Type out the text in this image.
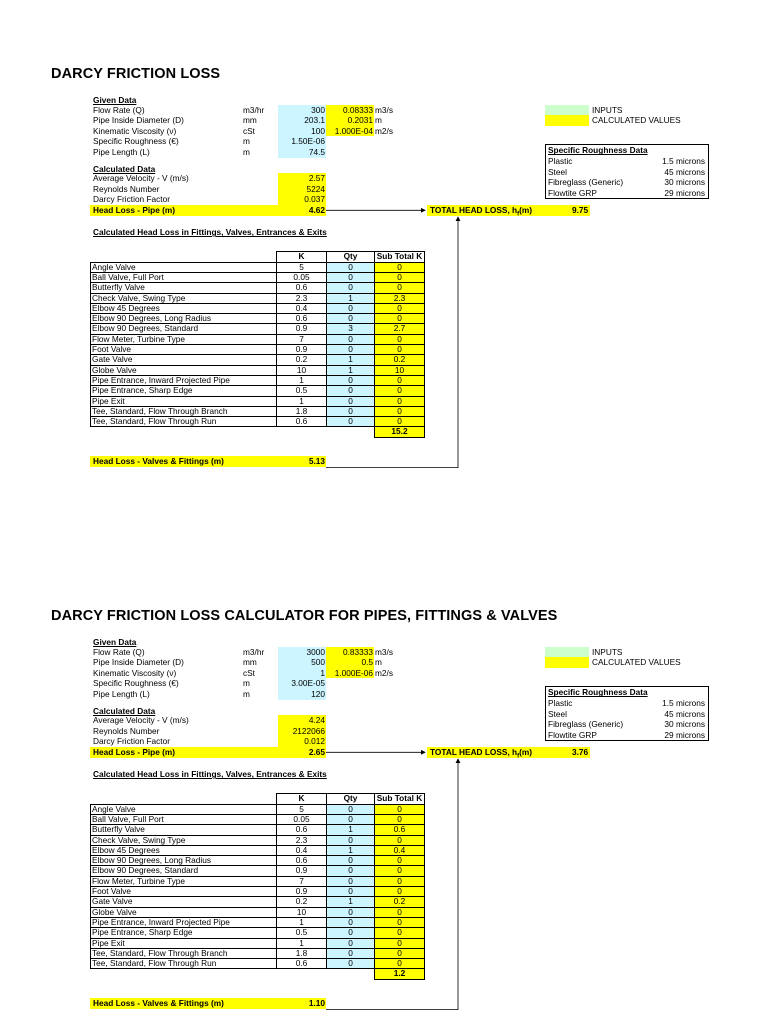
DARCY FRICTION LOSS
Given Data
Flow Rate (Q)	m3/hr	300	0.08333 m3/s
Pipe Inside Diameter (D)	mm	203.1	0.2031 m
Kinematic Viscosity (ν)	cSt	100	1.000E-04 m2/s
Specific Roughness (€)	m	1.50E-06
Pipe Length (L)	m	74.5
Calculated Data
Average Velocity - V (m/s)	2.57
Reynolds Number	5224
Darcy Friction Factor	0.037
Head Loss - Pipe (m)	4.62	TOTAL HEAD LOSS, $h_f(m)$	9.75
INPUTS
CALCULATED VALUES
Specific Roughness Data
Plastic	1.5 microns
Steel	45 microns
Fibreglass (Generic)	30 microns
Flowtite GRP	29 microns
Calculated Head Loss in Fittings, Valves, Entrances & Exits
	K	Qty	Sub Total K
Angle Valve	5	0	0
Ball Valve, Full Port	0.05	0	0
Butterfly Valve	0.6	0	0
Check Valve, Swing Type	2.3	1	2.3
Elbow 45 Degrees	0.4	0	0
Elbow 90 Degrees, Long Radius	0.6	0	0
Elbow 90 Degrees, Standard	0.9	3	2.7
Flow Meter, Turbine Type	7	0	0
Foot Valve	0.9	0	0
Gate Valve	0.2	1	0.2
Globe Valve	10	1	10
Pipe Entrance, Inward Projected Pipe	1	0	0
Pipe Entrance, Sharp Edge	0.5	0	0
Pipe Exit	1	0	0
Tee, Standard, Flow Through Branch	1.8	0	0
Tee, Standard, Flow Through Run	0.6	0	0
			15.2
Head Loss - Valves & Fittings (m)	5.13
DARCY FRICTION LOSS CALCULATOR FOR PIPES, FITTINGS & VALVES
Given Data
Flow Rate (Q)	m3/hr	3000	0.83333 m3/s
Pipe Inside Diameter (D)	mm	500	0.5 m
Kinematic Viscosity (ν)	cSt	1	1.000E-06 m2/s
Specific Roughness (€)	m	3.00E-05
Pipe Length (L)	m	120
Calculated Data
Average Velocity - V (m/s)	4.24
Reynolds Number	2122066
Darcy Friction Factor	0.012
Head Loss - Pipe (m)	2.65	TOTAL HEAD LOSS, $h_f(m)$	3.76
INPUTS
CALCULATED VALUES
Specific Roughness Data
Plastic	1.5 microns
Steel	45 microns
Fibreglass (Generic)	30 microns
Flowtite GRP	29 microns
Calculated Head Loss in Fittings, Valves, Entrances & Exits
	K	Qty	Sub Total K
Angle Valve	5	0	0
Ball Valve, Full Port	0.05	0	0
Butterfly Valve	0.6	1	0.6
Check Valve, Swing Type	2.3	0	0
Elbow 45 Degrees	0.4	1	0.4
Elbow 90 Degrees, Long Radius	0.6	0	0
Elbow 90 Degrees, Standard	0.9	0	0
Flow Meter, Turbine Type	7	0	0
Foot Valve	0.9	0	0
Gate Valve	0.2	1	0.2
Globe Valve	10	0	0
Pipe Entrance, Inward Projected Pipe	1	0	0
Pipe Entrance, Sharp Edge	0.5	0	0
Pipe Exit	1	0	0
Tee, Standard, Flow Through Branch	1.8	0	0
Tee, Standard, Flow Through Run	0.6	0	0
			1.2
Head Loss - Valves & Fittings (m)	1.10
